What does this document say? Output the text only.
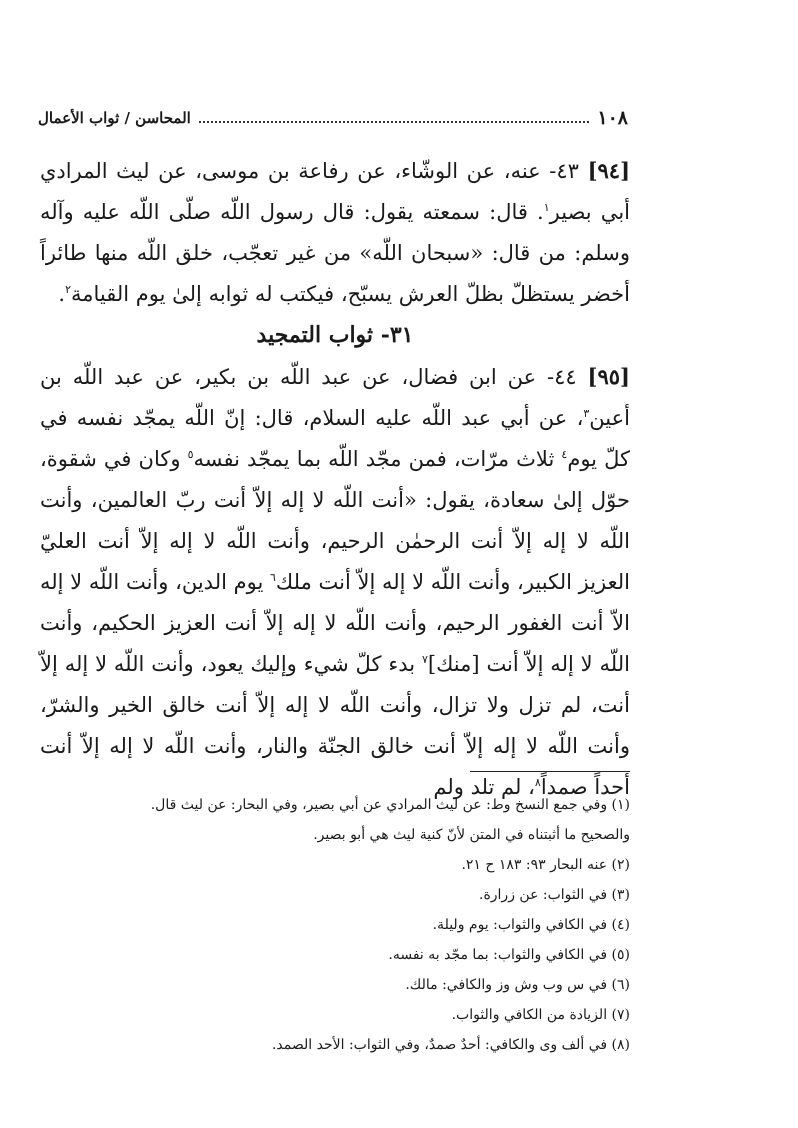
١٠٨
المحاسن / ثواب الأعمال

[٩٤] ٤٣- عنه، عن الوشّاء، عن رفاعة بن موسى، عن ليث المرادي أبي بصير$^١$. قال: سمعته يقول: قال رسول اللّه صلّى اللّه عليه وآله وسلم: من قال: «سبحان اللّه» من غير تعجّب، خلق اللّه منها طائراً أخضر يستظلّ بظلّ العرش يسبّح، فيكتب له ثوابه إلىٰ يوم القيامة$^٢$.

٣١- ثواب التمجيد

[٩٥] ٤٤- عن ابن فضال، عن عبد اللّه بن بكير، عن عبد اللّه بن أعين$^٣$، عن أبي عبد اللّه عليه السلام، قال: إنّ اللّه يمجّد نفسه في كلّ يوم$^٤$ ثلاث مرّات، فمن مجّد اللّه بما يمجّد نفسه$^٥$ وكان في شقوة، حوّل إلىٰ سعادة، يقول: «أنت اللّه لا إله إلاّ أنت ربّ العالمين، وأنت اللّه لا إله إلاّ أنت الرحمٰن الرحيم، وأنت اللّه لا إله إلاّ أنت العليّ العزيز الكبير، وأنت اللّه لا إله إلاّ أنت ملك$^٦$ يوم الدين، وأنت اللّه لا إله الاّ أنت الغفور الرحيم، وأنت اللّه لا إله إلاّ أنت العزيز الحكيم، وأنت اللّه لا إله إلاّ أنت [منك]$^٧$ بدء كلّ شيء وإليك يعود، وأنت اللّه لا إله إلاّ أنت، لم تزل ولا تزال، وأنت اللّه لا إله إلاّ أنت خالق الخير والشرّ، وأنت اللّه لا إله إلاّ أنت خالق الجنّة والنار، وأنت اللّه لا إله إلاّ أنت أحداً صمداً$^٨$، لم تلد ولم

(١) وفي جمع النسخ وط: عن ليث المرادي عن أبي بصير، وفي البحار: عن ليث قال.

والصحيح ما أثبتناه في المتن لأنّ كنية ليث هي أبو بصير.

(٢) عنه البحار ٩٣: ١٨٣ ح ٢١.

(٣) في الثواب: عن زرارة.

(٤) في الكافي والثواب: يوم وليلة.

(٥) في الكافي والثواب: بما مجّد به نفسه.

(٦) في س وب وش وز والكافي: مالك.

(٧) الزيادة من الكافي والثواب.

(٨) في ألف وى والكافي: أحدٌ صمدٌ، وفي الثواب: الأحد الصمد.
